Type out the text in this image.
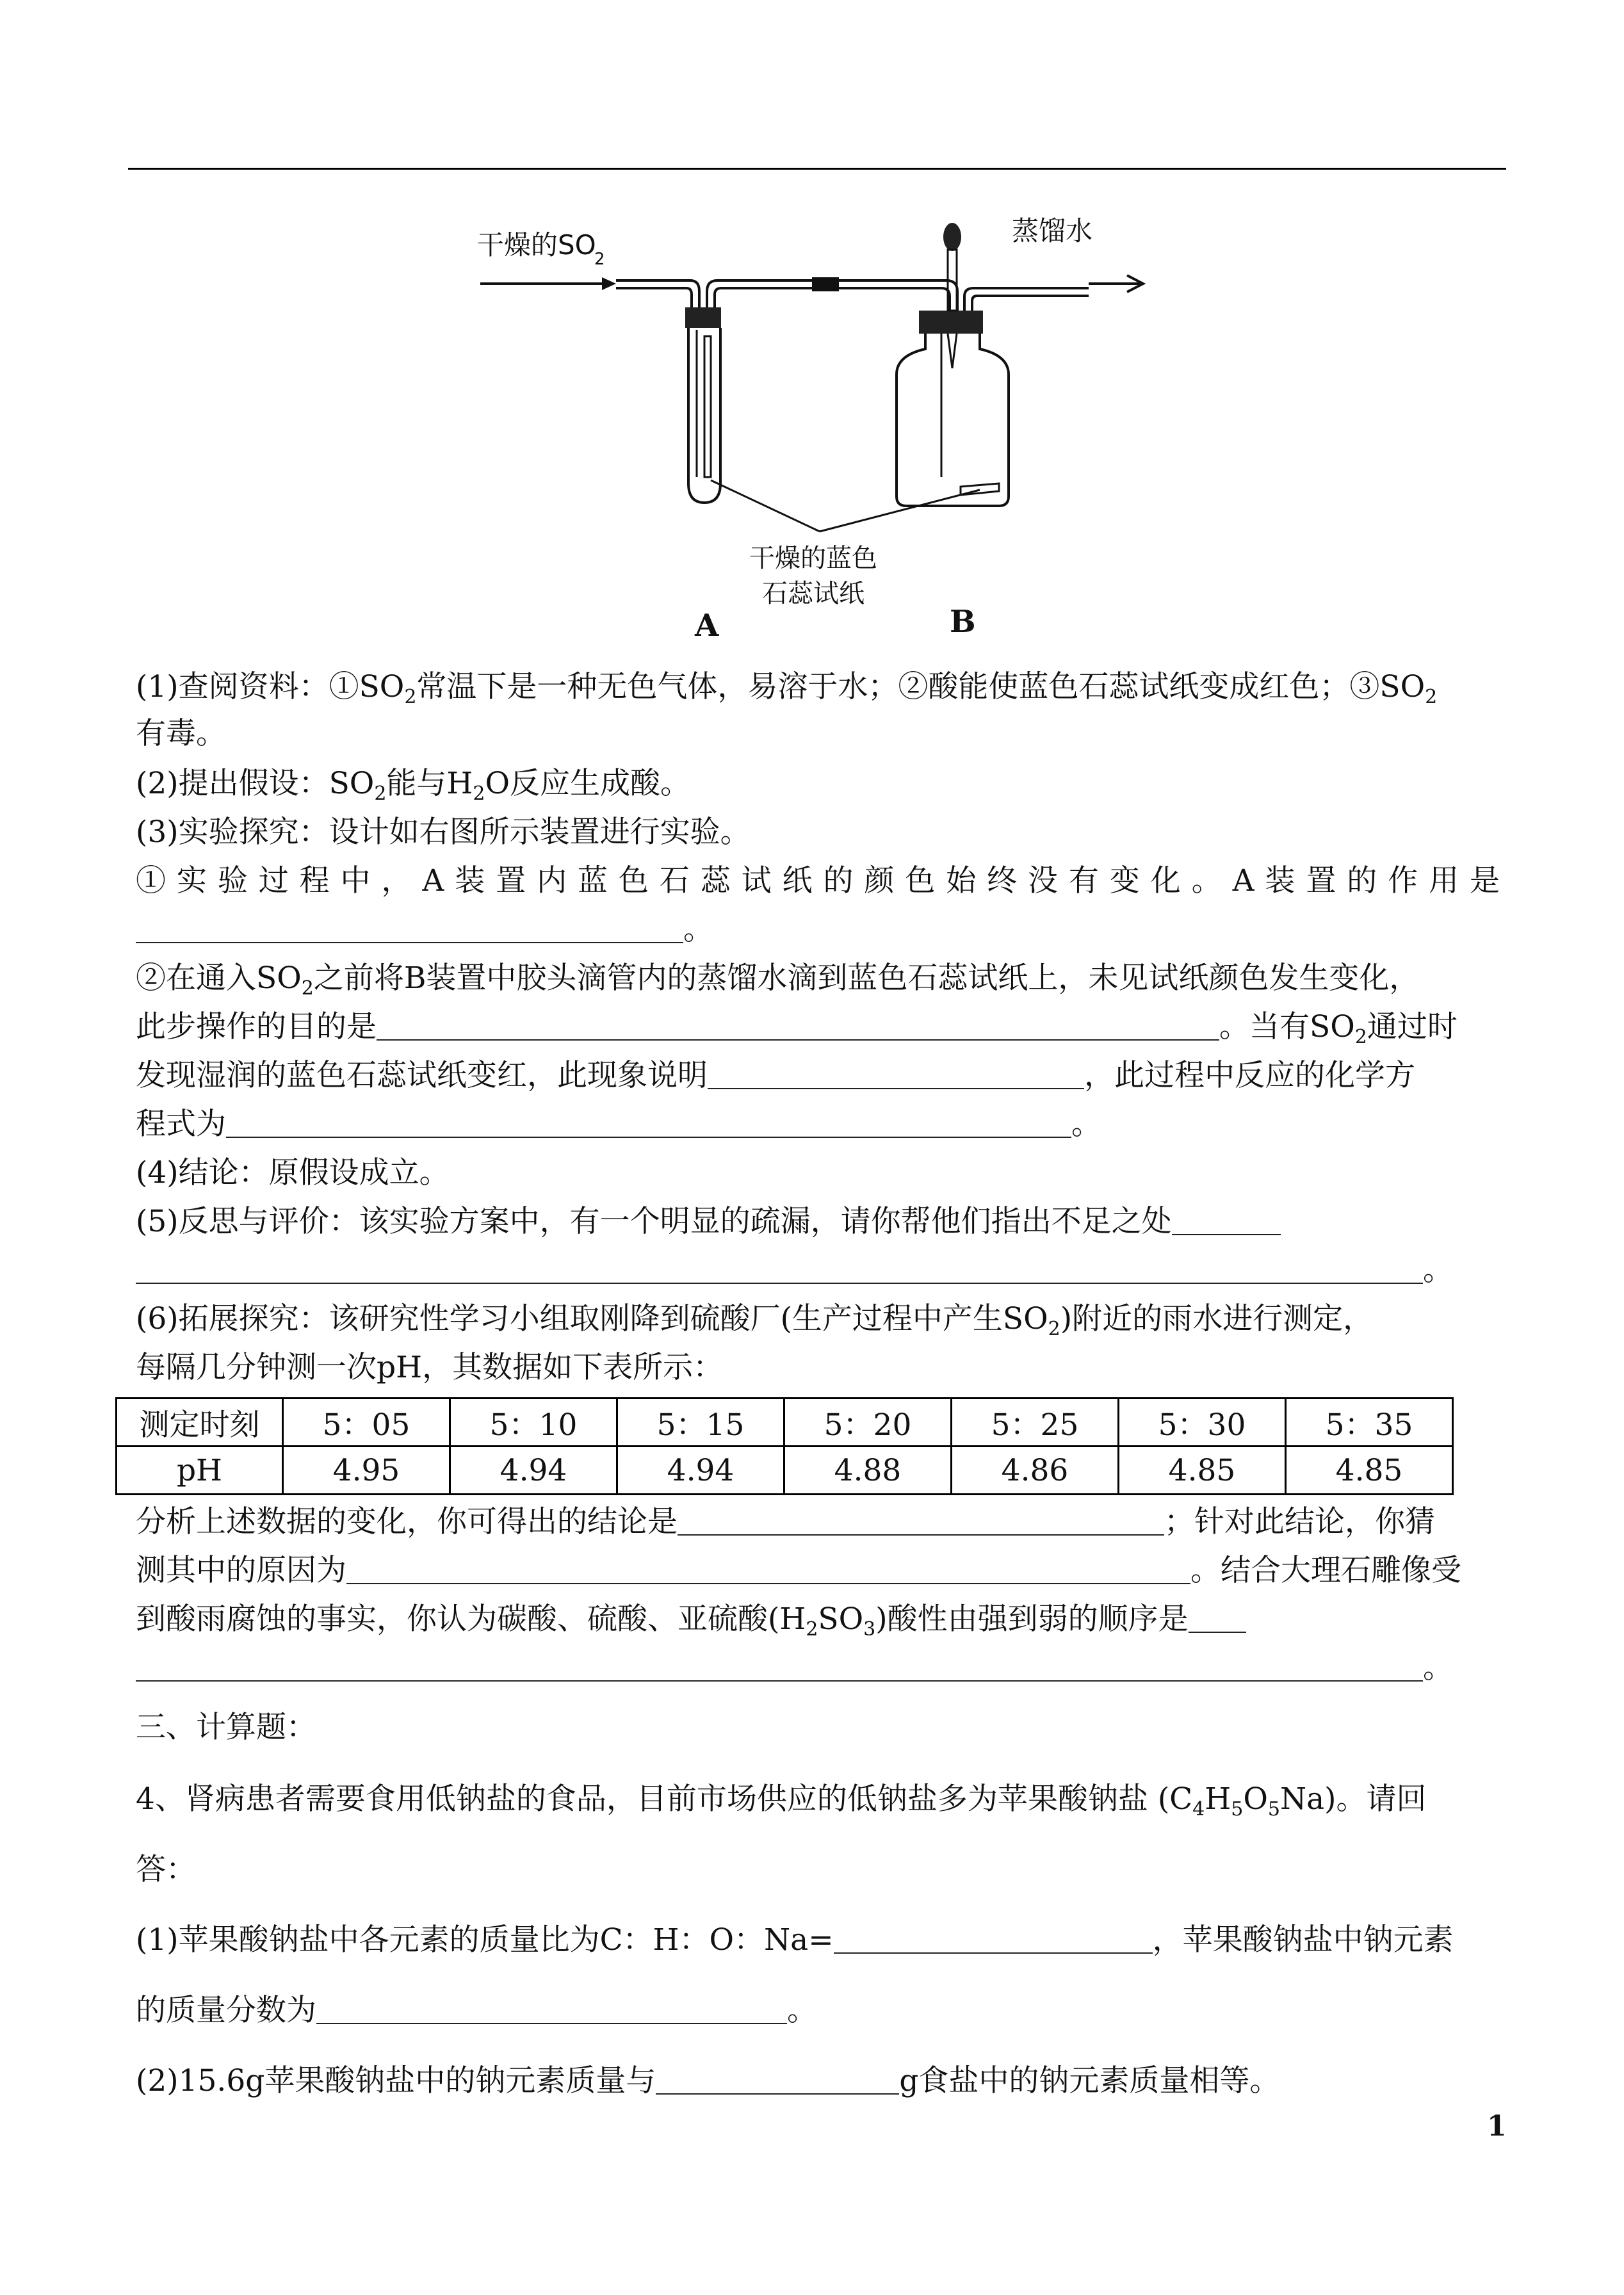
干燥的SO
2
蒸馏水
干燥的蓝色
石蕊试纸
A	B
(1)查阅资料：$①SO_2$常温下是一种无色气体，易溶于水；②酸能使蓝色石蕊试纸变成红色；$③SO_2$
有毒。
(2)提出假设：$SO_2$能与$H_2O$反应生成酸。
(3)实验探究：设计如右图所示装置进行实验。
①实验过程中，A装置内蓝色石蕊试纸的颜色始终没有变化。A装置的作用是
。
②在通入$SO_2$之前将B装置中胶头滴管内的蒸馏水滴到蓝色石蕊试纸上，未见试纸颜色发生变化，
此步操作的目的是	。当有$SO_2$通过时
发现湿润的蓝色石蕊试纸变红，此现象说明	，此过程中反应的化学方
程式为	。
(4)结论：原假设成立。
(5)反思与评价：该实验方案中，有一个明显的疏漏，请你帮他们指出不足之处
。
(6)拓展探究：该研究性学习小组取刚降到硫酸厂(生产过程中产生$SO_2$)附近的雨水进行测定，
每隔几分钟测一次pH，其数据如下表所示：
测定时刻	5：05	5：10	5：15	5：20	5：25	5：30	5：35
pH	4.95	4.94	4.94	4.88	4.86	4.85	4.85
分析上述数据的变化，你可得出的结论是	；针对此结论，你猜
测其中的原因为	。结合大理石雕像受
到酸雨腐蚀的事实，你认为碳酸、硫酸、亚硫酸$(H_2SO_3)$酸性由强到弱的顺序是
。
三、计算题：
4、肾病患者需要食用低钠盐的食品，目前市场供应的低钠盐多为苹果酸钠盐 $(C_4H_5O_5Na)$。请回
答：
(1)苹果酸钠盐中各元素的质量比为C：H：O：Na=	，苹果酸钠盐中钠元素
的质量分数为	。
(2)15.6g苹果酸钠盐中的钠元素质量与	g食盐中的钠元素质量相等。
1
